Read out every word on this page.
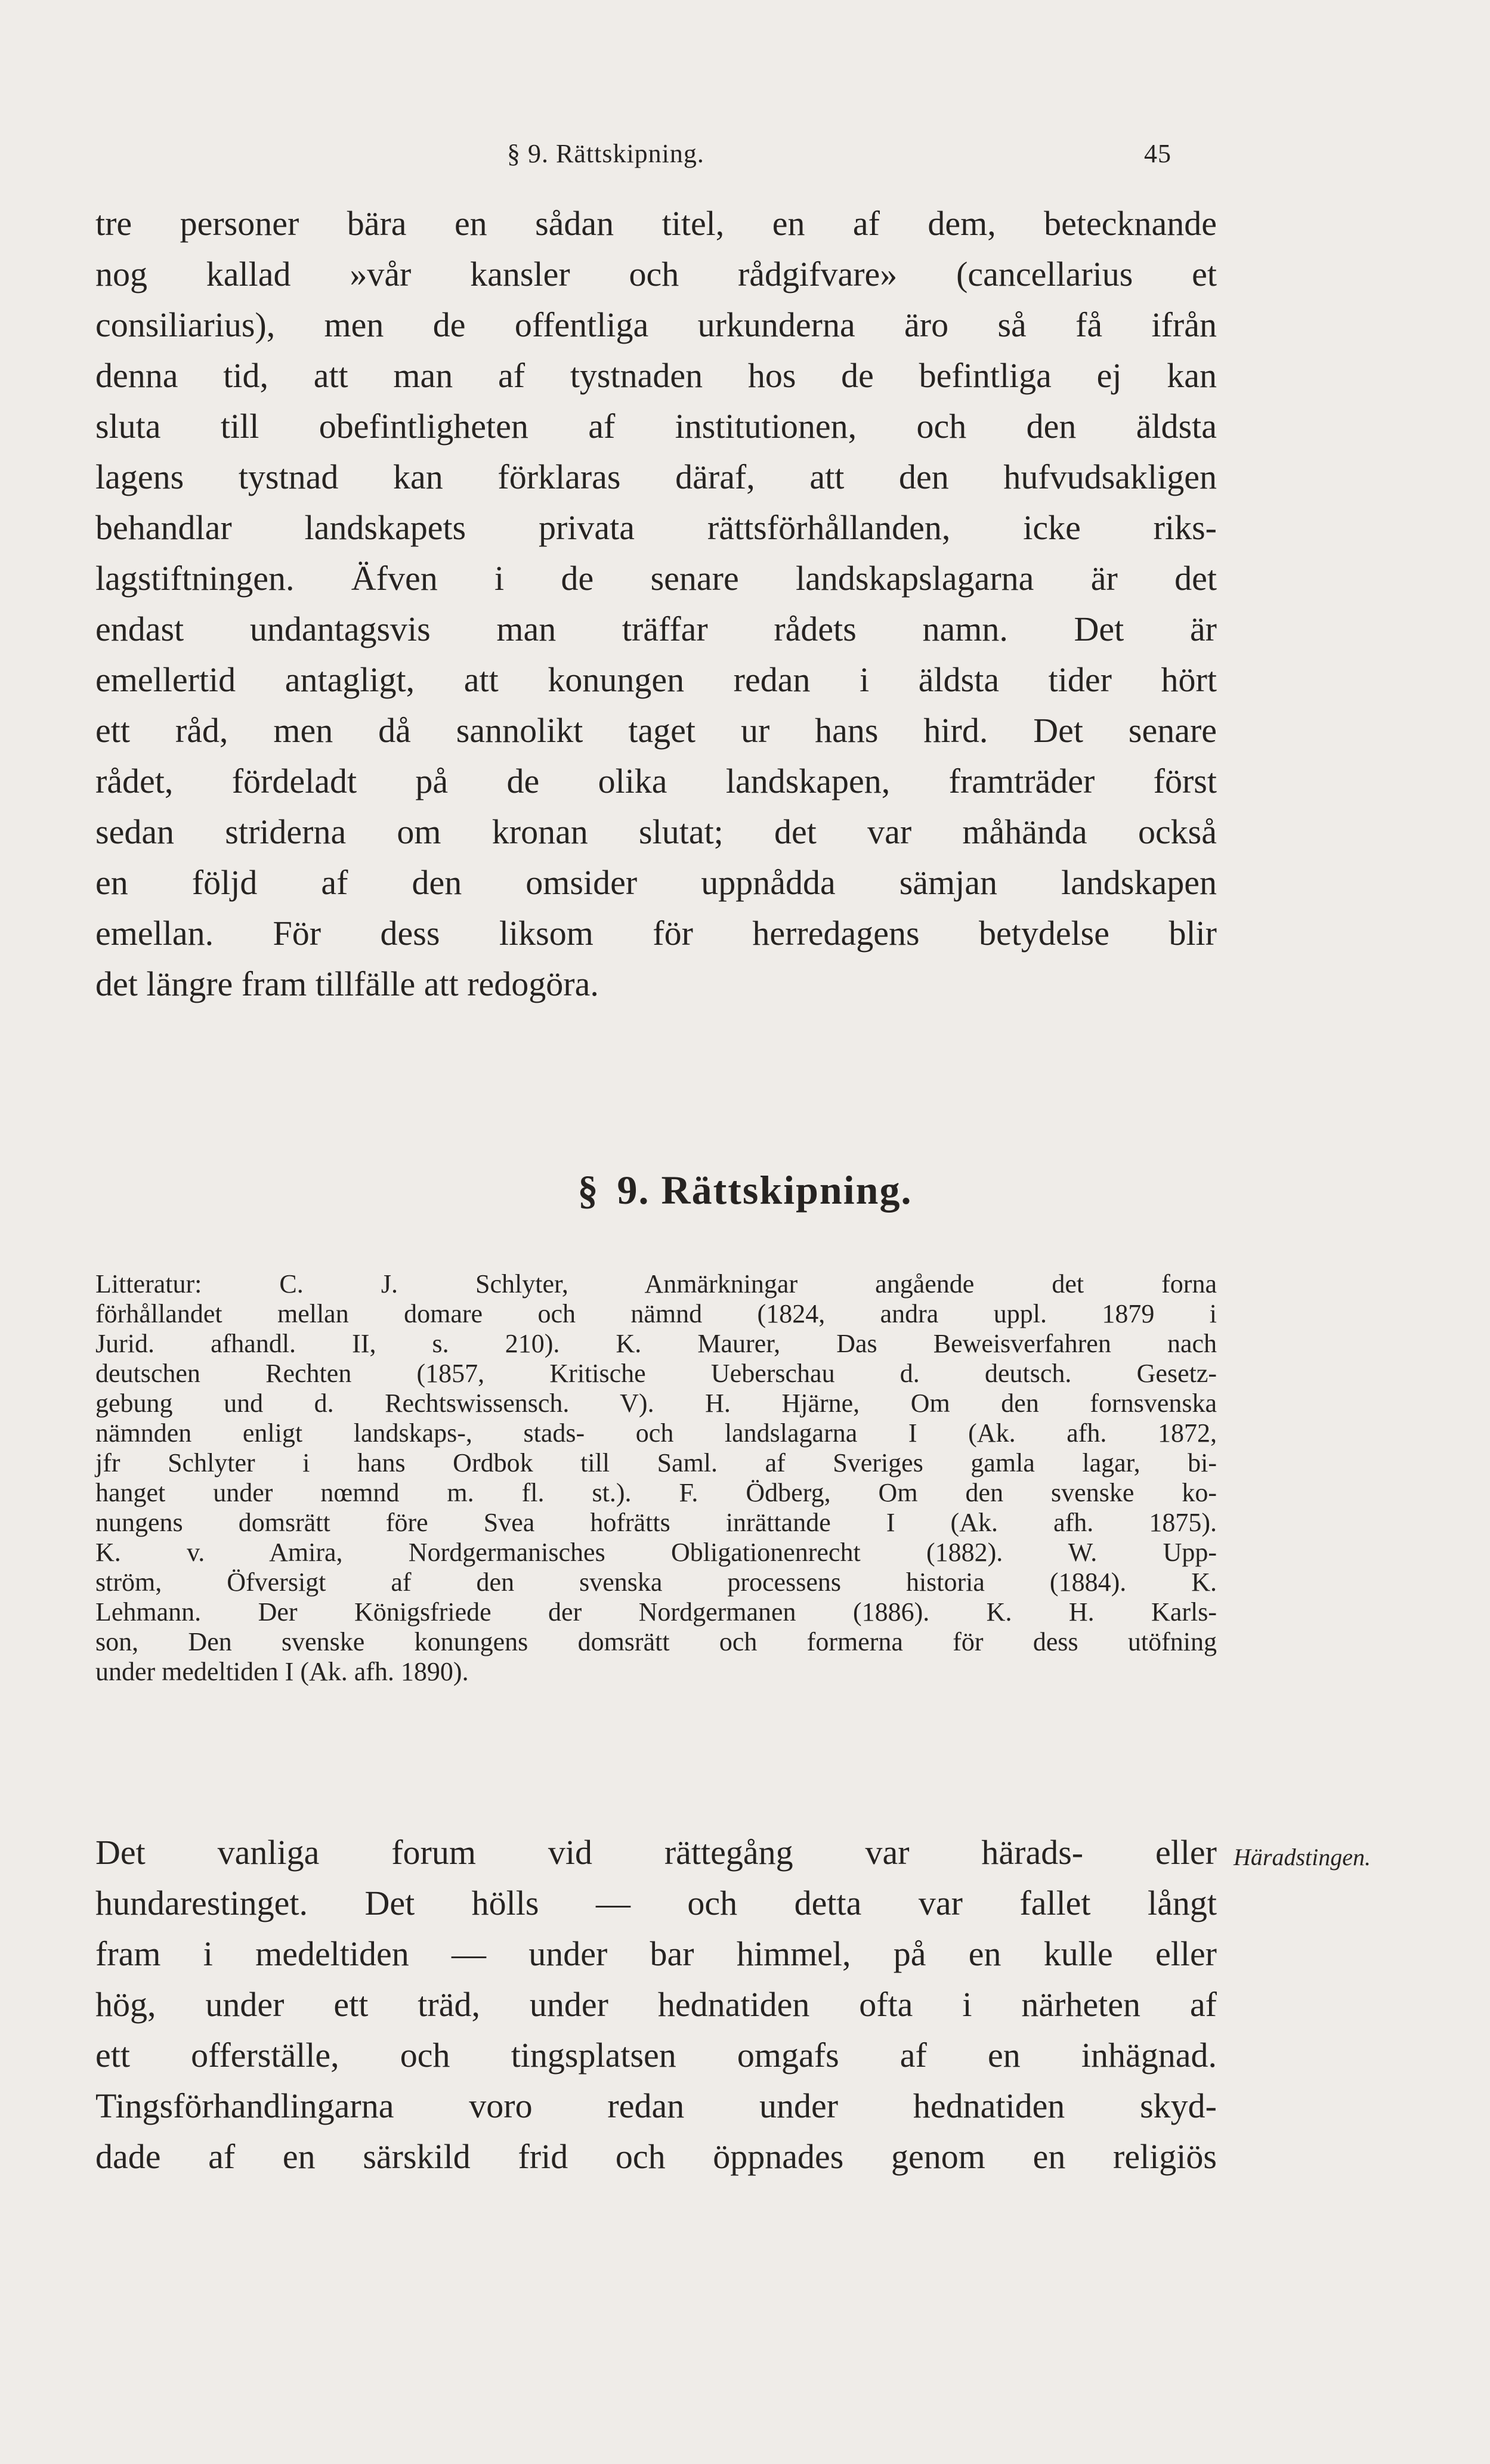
§ 9. Rättskipning.	45
tre personer bära en sådan titel, en af dem, betecknande
nog kallad »vår kansler och rådgifvare» (cancellarius et
consiliarius), men de offentliga urkunderna äro så få ifrån
denna tid, att man af tystnaden hos de befintliga ej kan
sluta till obefintligheten af institutionen, och den äldsta
lagens tystnad kan förklaras däraf, att den hufvudsakligen
behandlar landskapets privata rättsförhållanden, icke riks-
lagstiftningen. Äfven i de senare landskapslagarna är det
endast undantagsvis man träffar rådets namn. Det är
emellertid antagligt, att konungen redan i äldsta tider hört
ett råd, men då sannolikt taget ur hans hird. Det senare
rådet, fördeladt på de olika landskapen, framträder först
sedan striderna om kronan slutat; det var måhända också
en följd af den omsider uppnådda sämjan landskapen
emellan. För dess liksom för herredagens betydelse blir
det längre fram tillfälle att redogöra.
§ 9. Rättskipning.
Litteratur: C. J. Schlyter, Anmärkningar angående det forna
förhållandet mellan domare och nämnd (1824, andra uppl. 1879 i
Jurid. afhandl. II, s. 210). K. Maurer, Das Beweisverfahren nach
deutschen Rechten (1857, Kritische Ueberschau d. deutsch. Gesetz-
gebung und d. Rechtswissensch. V). H. Hjärne, Om den fornsvenska
nämnden enligt landskaps-, stads- och landslagarna I (Ak. afh. 1872,
jfr Schlyter i hans Ordbok till Saml. af Sveriges gamla lagar, bi-
hanget under nœmnd m. fl. st.). F. Ödberg, Om den svenske ko-
nungens domsrätt före Svea hofrätts inrättande I (Ak. afh. 1875).
K. v. Amira, Nordgermanisches Obligationenrecht (1882). W. Upp-
ström, Öfversigt af den svenska processens historia (1884). K.
Lehmann. Der Königsfriede der Nordgermanen (1886). K. H. Karls-
son, Den svenske konungens domsrätt och formerna för dess utöfning
under medeltiden I (Ak. afh. 1890).
Det vanliga forum vid rättegång var härads- eller
hundarestinget. Det hölls — och detta var fallet långt
fram i medeltiden — under bar himmel, på en kulle eller
hög, under ett träd, under hednatiden ofta i närheten af
ett offerställe, och tingsplatsen omgafs af en inhägnad.
Tingsförhandlingarna voro redan under hednatiden skyd-
dade af en särskild frid och öppnades genom en religiös
Häradstingen.
